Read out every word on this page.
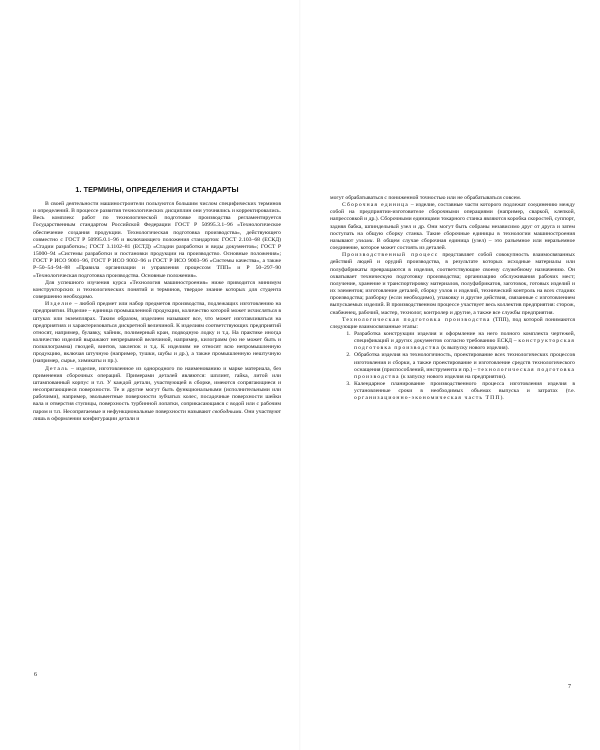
1. ТЕРМИНЫ, ОПРЕДЕЛЕНИЯ И СТАНДАРТЫ

В своей деятельности машиностроители пользуются большим числом специфических терминов и определений. В процессе развития технологических дисциплин они уточнялись и корректировались. Весь комплекс работ по технологической подготовке производства регламентируется Государственным стандартом Российской Федерации ГОСТ Р 50995.3.1–96 «Технологическое обеспечение создания продукции. Технологическая подготовка производства», действующего совместно с ГОСТ Р 50995.0.1–96 и включающего положения стандартов: ГОСТ 2.103–68 (ЕСКД) «Стадии разработки»; ГОСТ 3.1102–81 (ЕСТД) «Стадии разработки и виды документов»; ГОСТ Р 15000–94 «Системы разработки и постановки продукции на производство. Основные положения»; ГОСТ Р ИСО 9001–96, ГОСТ Р ИСО 9002–96 и ГОСТ Р ИСО 9003–96 «Системы качества», а также Р–50–54–94–88 «Правила организации и управления процессом ТПП» и Р 50–297–90 «Технологическая подготовка производства. Основные положения».

Для успешного изучения курса «Технология машиностроения» ниже приводится минимум конструкторских и технологических понятий и терминов, твердое знание которых для студента совершенно необходимо.

Изделие – любой предмет или набор предметов производства, подлежащих изготовлению на предприятии. Изделие – единица промышленной продукции, количество которой может исчисляться в штуках или экземплярах. Таким образом, изделием называют все, что может изготавливаться на предприятиях и характеризоваться дискретной величиной. К изделиям соответствующих предприятий относят, например, булавку, чайник, полимерный кран, подводную лодку и т.д. На практике иногда количество изделий выражают непрерывной величиной, например, килограмм (но не может быть и полкилограмма) гвоздей, винтов, заклепок и т.д. К изделиям не относят всю непромышленную продукцию, включая штучную (например, тушки, шубы и др.), а также промышленную нештучную (например, сырье, химикаты и пр.).

Деталь – изделие, изготовленное из однородного по наименованию и марке материала, без применения сборочных операций. Примерами деталей являются: шплинт, гайка, литой или штампованный корпус и т.п. У каждой детали, участвующей в сборке, имеются сопрягающиеся и несопрягающиеся поверхности. Те и другие могут быть функциональными (исполнительными или рабочими), например, эвольвентные поверхности зубчатых колес, посадочные поверхности шейки вала и отверстия ступицы, поверхность турбинной лопатки, соприкасающаяся с водой или с рабочим паром и т.п. Несопрягаемые и нефункциональные поверхности называют свободными. Они участвуют лишь в оформлении конфигурации детали и

6

могут обрабатываться с пониженной точностью или не обрабатываться совсем.

Сборочная единица – изделие, составные части которого подлежат соединению между собой на предприятии-изготовителе сборочными операциями (например, сваркой, клепкой, напрессовкой и др.). Сборочными единицами токарного станка являются коробка скоростей, суппорт, задняя бабка, шпиндельный узел и др. Они могут быть собраны независимо друг от друга и затем поступать на общую сборку станка. Такие сборочные единицы в технологии машиностроения называют узлами. В общем случае сборочная единица (узел) – это разъемное или неразъемное соединение, которое может состоять из деталей.

Производственный процесс представляет собой совокупность взаимосвязанных действий людей и орудий производства, в результате которых исходные материалы или полуфабрикаты превращаются в изделия, соответствующие своему служебному назначению. Он охватывает техническую подготовку производства; организацию обслуживания рабочих мест; получение, хранение и транспортировку материалов, полуфабрикатов, заготовок, готовых изделий и их элементов; изготовление деталей, сборку узлов и изделий, технический контроль на всех стадиях производства; разборку (если необходимо), упаковку и другие действия, связанные с изготовлением выпускаемых изделий. В производственном процессе участвует весь коллектив предприятия: сторож, снабженец, рабочий, мастер, технолог, контролер и другие, а также все службы предприятия.

Технологическая подготовка производства (ТПП), под которой понимаются следующие взаимосвязанные этапы:

1. Разработка конструкции изделия и оформление на него полного комплекта чертежей, спецификаций и других документов согласно требованию ЕСКД – конструкторская подготовка производства (к выпуску нового изделия).
2. Обработка изделия на технологичность, проектирование всех технологических процессов изготовления и сборки, а также проектирование и изготовление средств технологического оснащения (приспособлений, инструмента и пр.) – технологическая подготовка производства (к запуску нового изделия на предприятии).
3. Календарное планирование производственного процесса изготовления изделия в установленные сроки в необходимых объемах выпуска и затратах (т.е. организационно-экономическая часть ТПП).
7
